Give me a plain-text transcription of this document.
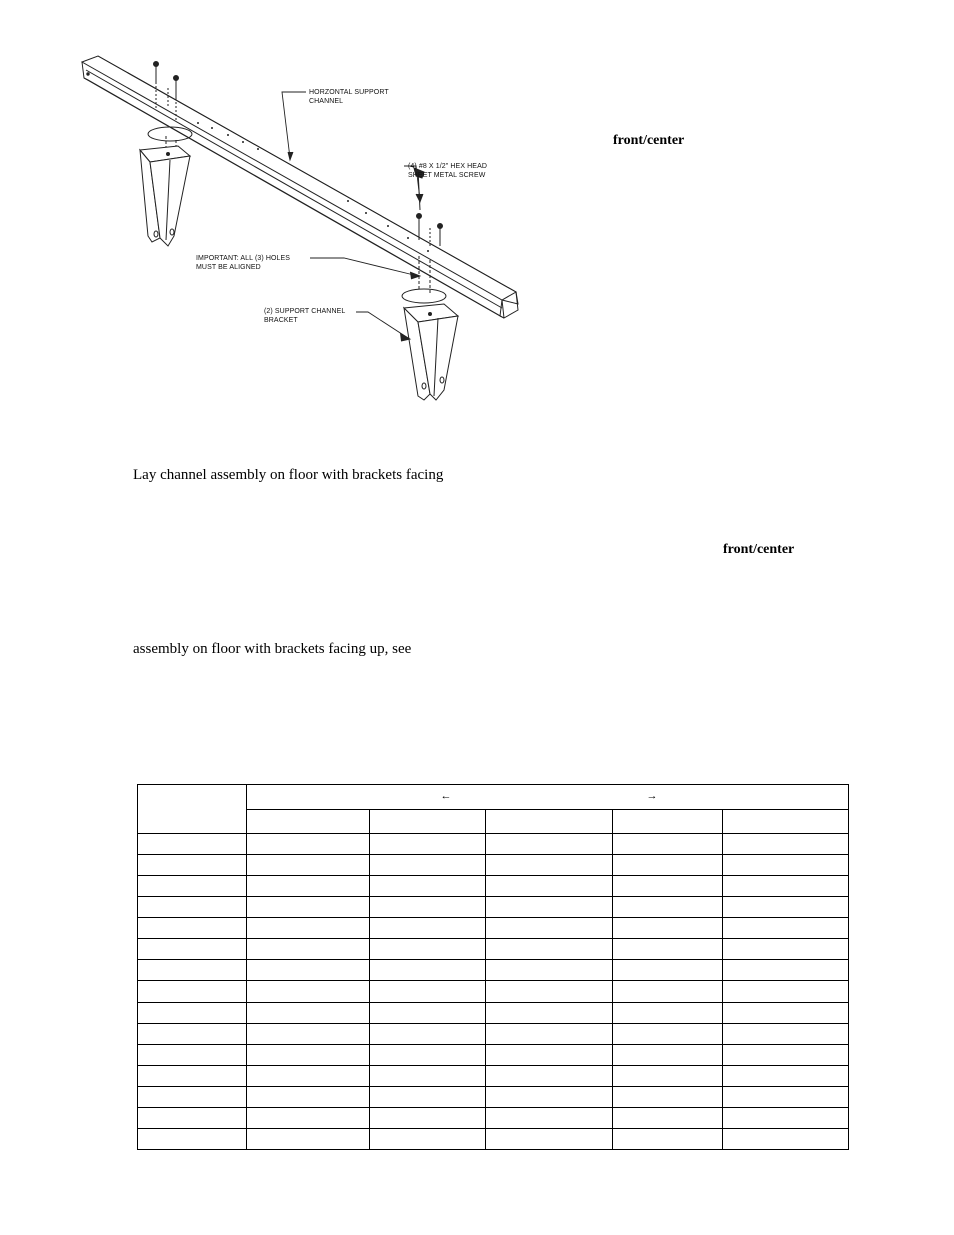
HORZONTAL SUPPORT
CHANNEL
(4) #8 X 1/2" HEX HEAD
SHEET METAL SCREW
IMPORTANT: ALL (3) HOLES
MUST BE ALIGNED
(2) SUPPORT CHANNEL
BRACKET
front/center
Lay channel assembly on floor with brackets facing
front/center
assembly on floor with brackets facing up, see

	← →				
